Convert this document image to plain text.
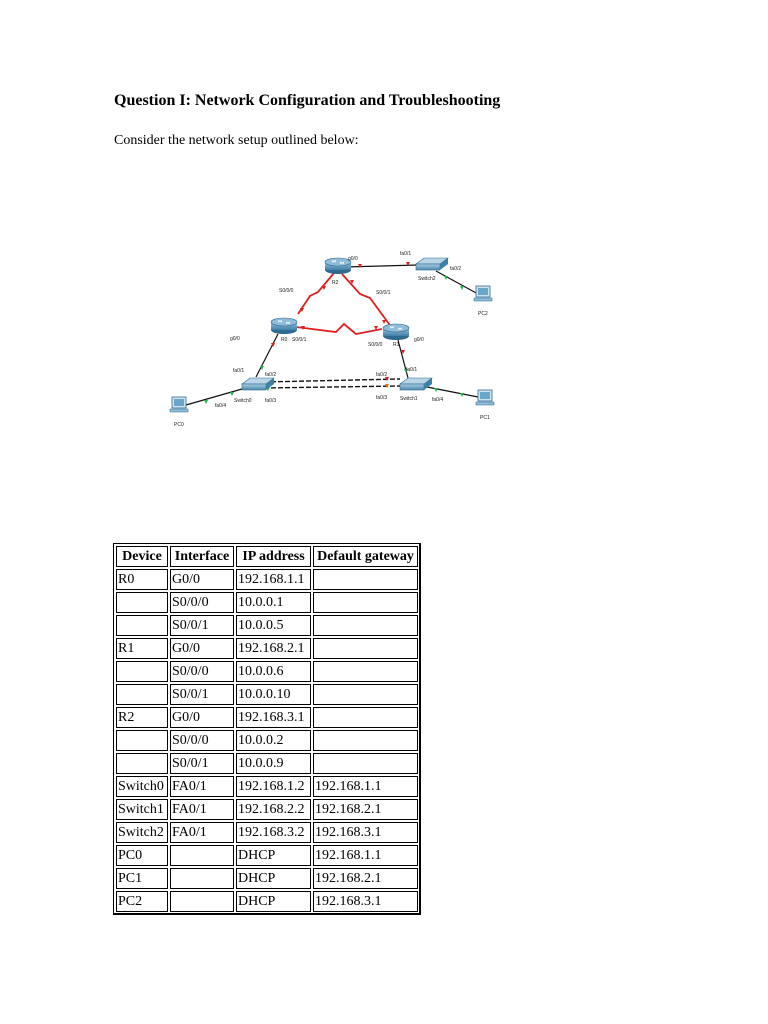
Question I: Network Configuration and Troubleshooting

Consider the network setup outlined below:

R2
R0
R1
Switch2
Switch0	Switch1
PC2
PC0
PC1
g0/0
fa0/1
fa0/2
S0/0/0	S0/0/1
g0/0	S0/0/1
S0/0/0
g0/0
fa0/1
fa0/2
fa0/3
fa0/4
fa0/1
fa0/2
fa0/3	fa0/4
Device	Interface	IP address	Default gateway
R0	G0/0	192.168.1.1	
	S0/0/0	10.0.0.1	
	S0/0/1	10.0.0.5	
R1	G0/0	192.168.2.1	
	S0/0/0	10.0.0.6	
	S0/0/1	10.0.0.10	
R2	G0/0	192.168.3.1	
	S0/0/0	10.0.0.2	
	S0/0/1	10.0.0.9	
Switch0	FA0/1	192.168.1.2	192.168.1.1
Switch1	FA0/1	192.168.2.2	192.168.2.1
Switch2	FA0/1	192.168.3.2	192.168.3.1
PC0		DHCP	192.168.1.1
PC1		DHCP	192.168.2.1
PC2		DHCP	192.168.3.1
